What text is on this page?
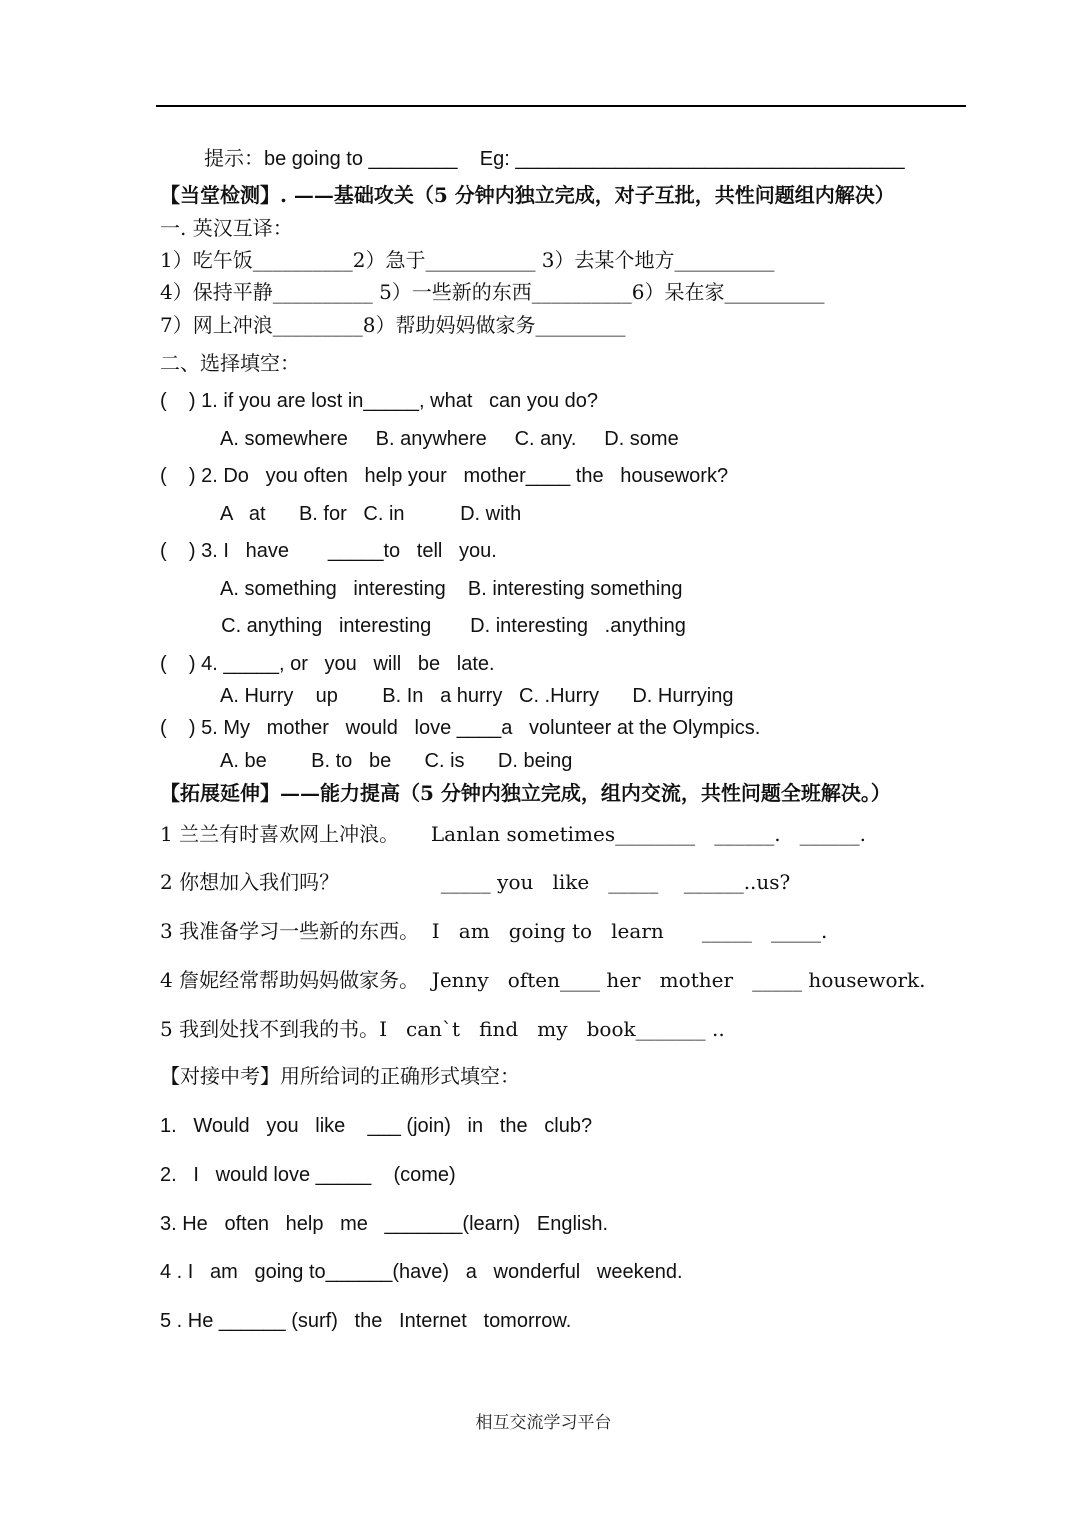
提示：be going to ________    Eg: ___________________________________
【当堂检测】. ——基础攻关（5 分钟内独立完成，对子互批，共性问题组内解决）
一. 英汉互译：
1）吃午饭__________2）急于___________ 3）去某个地方__________
4）保持平静__________ 5）一些新的东西__________6）呆在家__________
7）网上冲浪_________8）帮助妈妈做家务_________
二、选择填空：
(    ) 1. if you are lost in_____, what   can you do?
A. somewhere     B. anywhere     C. any.     D. some
(    ) 2. Do   you often   help your   mother____ the   housework?
A   at      B. for   C. in          D. with
(    ) 3. I   have       _____to   tell   you.
A. something   interesting    B. interesting something
C. anything   interesting       D. interesting   .anything
(    ) 4. _____, or   you   will   be   late.
A. Hurry    up        B. In   a hurry   C. .Hurry      D. Hurrying
(    ) 5. My   mother   would   love ____a   volunteer at the Olympics.
A. be        B. to   be      C. is      D. being
【拓展延伸】——能力提高（5 分钟内独立完成，组内交流，共性问题全班解决。）
1 兰兰有时喜欢网上冲浪。     Lanlan sometimes________   ______.   ______.
2 你想加入我们吗？                _____ you   like   _____    ______..us?
3 我准备学习一些新的东西。  I   am   going to   learn      _____   _____.
4 詹妮经常帮助妈妈做家务。  Jenny   often____ her   mother   _____ housework.
5 我到处找不到我的书。I   can`t   find   my   book_______ ..
【对接中考】用所给词的正确形式填空：
1.   Would   you   like    ___ (join)   in   the   club?
2.   I   would love _____    (come)
3. He   often   help   me   _______(learn)   English.
4 . I   am   going to______(have)   a   wonderful   weekend.
5 . He ______ (surf)   the   Internet   tomorrow.
相互交流学习平台
